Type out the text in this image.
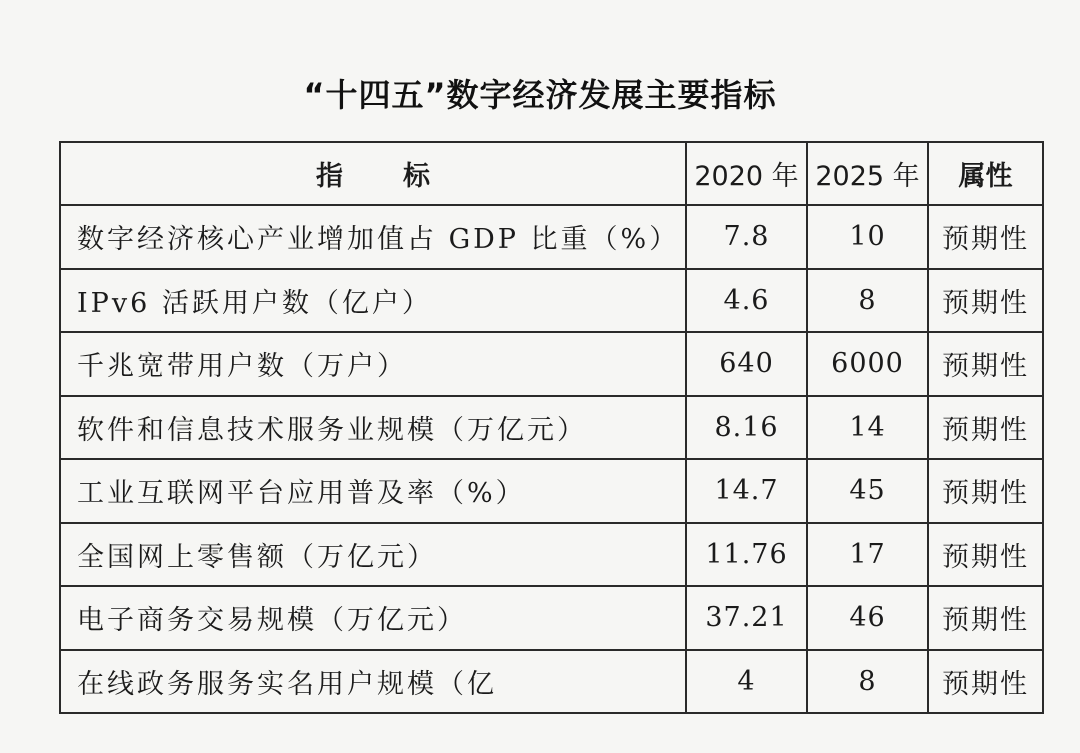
“十四五”数字经济发展主要指标
指标	2020 年	2025 年	属性
数字经济核心产业增加值占 GDP 比重（%）	7.8	10	预期性
IPv6 活跃用户数（亿户）	4.6	8	预期性
千兆宽带用户数（万户）	640	6000	预期性
软件和信息技术服务业规模（万亿元）	8.16	14	预期性
工业互联网平台应用普及率（%）	14.7	45	预期性
全国网上零售额（万亿元）	11.76	17	预期性
电子商务交易规模（万亿元）	37.21	46	预期性
在线政务服务实名用户规模（亿	4	8	预期性
